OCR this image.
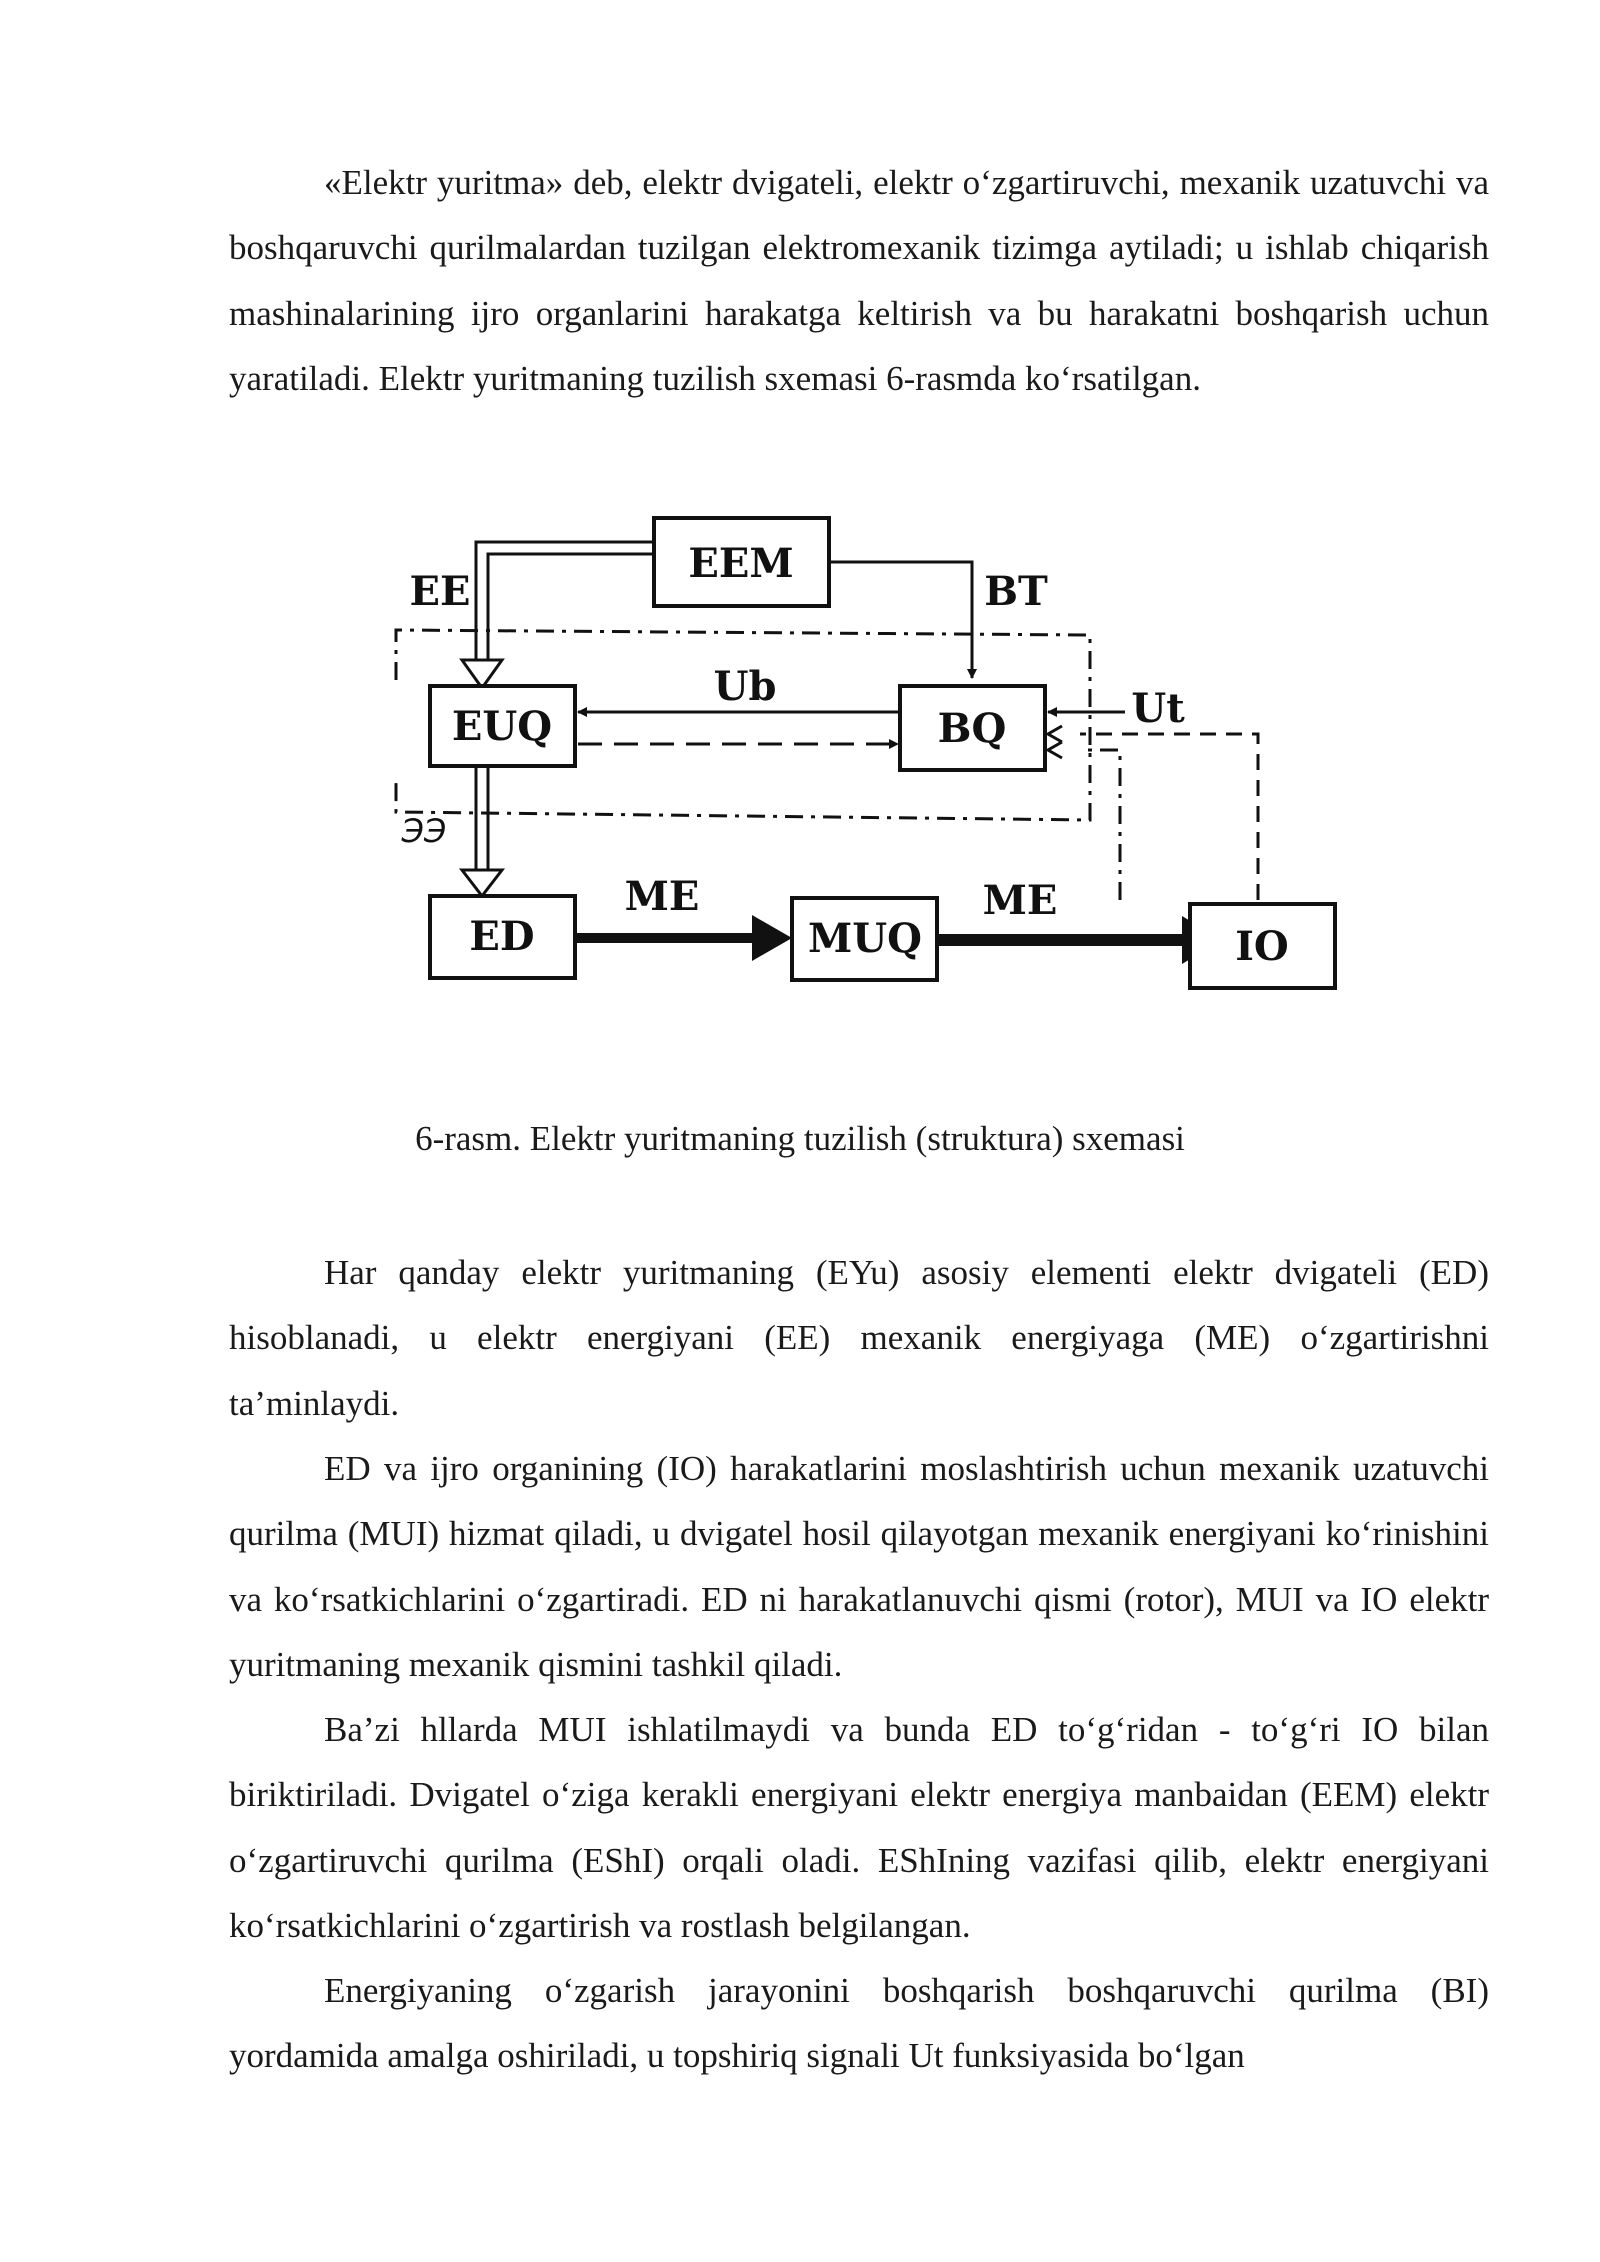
«Elektr yuritma» deb, elektr dvigateli, elektr o‘zgartiruvchi, mexanik uzatuvchi va boshqaruvchi qurilmalardan tuzilgan elektromexanik tizimga aytiladi; u ishlab chiqarish mashinalarining ijro organlarini harakatga keltirish va bu harakatni boshqarish uchun yaratiladi. Elektr yuritmaning tuzilish sxemasi 6-rasmda ko‘rsatilgan.

EEM
EE	BT
EUQ	BQ
Ub	Ut
ЭЭ
ED
ME
MUQ
ME
IO

6-rasm. Elektr yuritmaning tuzilish (struktura) sxemasi

Har qanday elektr yuritmaning (EYu) asosiy elementi elektr dvigateli (ED) hisoblanadi, u elektr energiyani (EE) mexanik energiyaga (ME) o‘zgartirishni ta’minlaydi.

ED va ijro organining (IO) harakatlarini moslashtirish uchun mexanik uzatuvchi qurilma (MUI) hizmat qiladi, u dvigatel hosil qilayotgan mexanik energiyani ko‘rinishini va ko‘rsatkichlarini o‘zgartiradi. ED ni harakatlanuvchi qismi (rotor), MUI va IO elektr yuritmaning mexanik qismini tashkil qiladi.

Ba’zi hllarda MUI ishlatilmaydi va bunda ED to‘g‘ridan - to‘g‘ri IO bilan biriktiriladi. Dvigatel o‘ziga kerakli energiyani elektr energiya manbaidan (EEM) elektr o‘zgartiruvchi qurilma (EShI) orqali oladi. EShIning vazifasi qilib, elektr energiyani ko‘rsatkichlarini o‘zgartirish va rostlash belgilangan.

Energiyaning o‘zgarish jarayonini boshqarish boshqaruvchi qurilma (BI) yordamida amalga oshiriladi, u topshiriq signali Ut funksiyasida bo‘lgan
